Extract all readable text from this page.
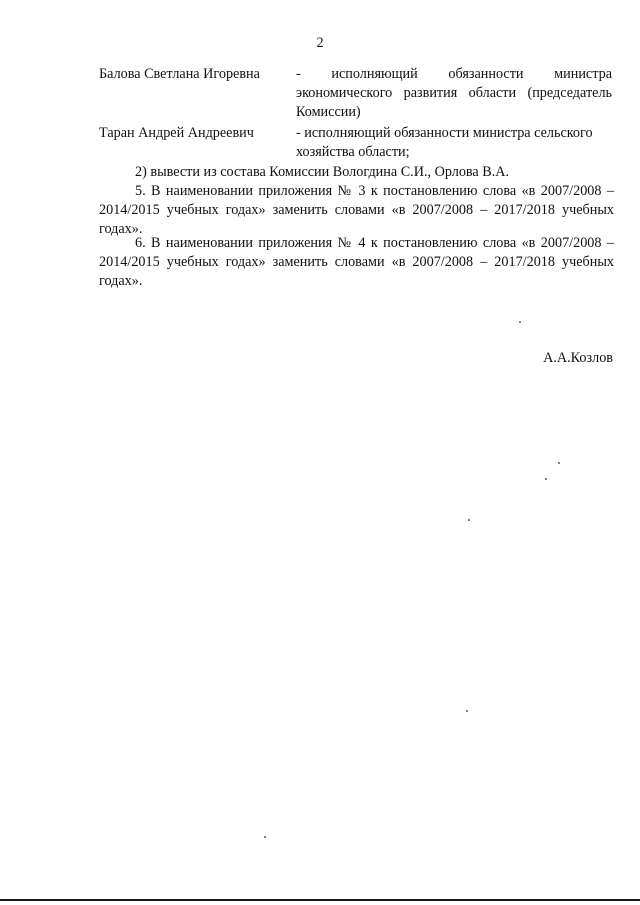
2
Балова Светлана Игоревна	- исполняющий обязанности министра
экономического развития области (председатель Комиссии)
Таран Андрей Андреевич	- исполняющий обязанности министра сельского
хозяйства области;
2) вывести из состава Комиссии Вологдина С.И., Орлова В.А.
5. В наименовании приложения № 3 к постановлению слова «в 2007/2008 – 2014/2015 учебных годах» заменить словами «в 2007/2008 – 2017/2018 учебных годах».
6. В наименовании приложения № 4 к постановлению слова «в 2007/2008 – 2014/2015 учебных годах» заменить словами «в 2007/2008 – 2017/2018 учебных годах».
А.А.Козлов
